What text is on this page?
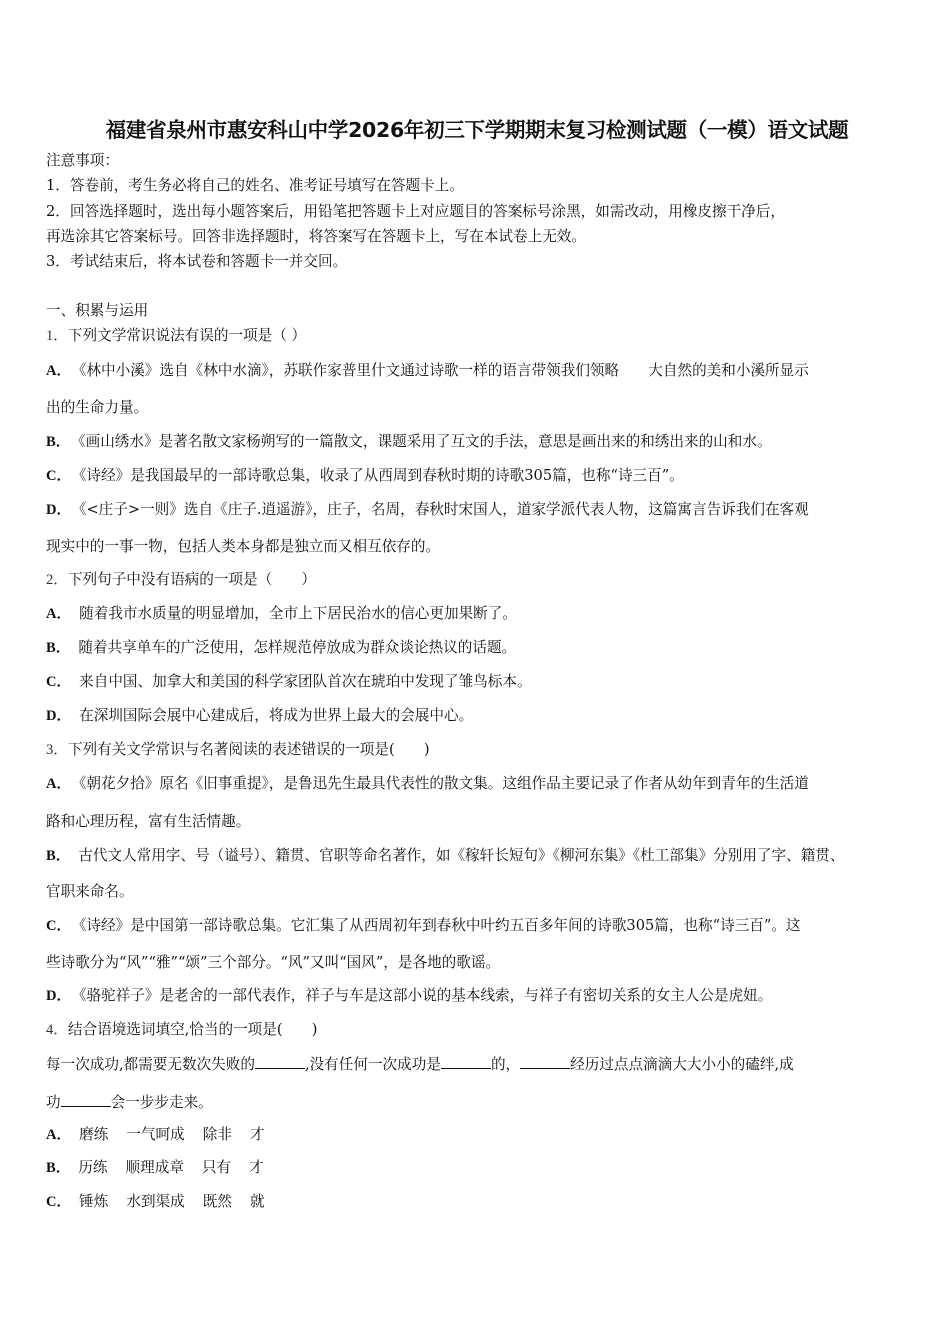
福建省泉州市惠安科山中学2026年初三下学期期末复习检测试题（一模）语文试题
注意事项：
1．答卷前，考生务必将自己的姓名、准考证号填写在答题卡上。
2．回答选择题时，选出每小题答案后，用铅笔把答题卡上对应题目的答案标号涂黑，如需改动，用橡皮擦干净后，
再选涂其它答案标号。回答非选择题时，将答案写在答题卡上，写在本试卷上无效。
3．考试结束后，将本试卷和答题卡一并交回。
一、积累与运用
1．下列文学常识说法有误的一项是（ ）
A． 《林中小溪》选自《林中水滴》，苏联作家普里什文通过诗歌一样的语言带领我们领略　　大自然的美和小溪所显示
出的生命力量。
B． 《画山绣水》是著名散文家杨朔写的一篇散文，课题采用了互文的手法，意思是画出来的和绣出来的山和水。
C． 《诗经》是我国最早的一部诗歌总集，收录了从西周到春秋时期的诗歌305篇，也称“诗三百”。
D． 《<庄子>一则》选自《庄子.逍遥游》，庄子，名周，春秋时宋国人，道家学派代表人物，这篇寓言告诉我们在客观
现实中的一事一物，包括人类本身都是独立而又相互依存的。
2．下列句子中没有语病的一项是（　　）
A． 随着我市水质量的明显增加，全市上下居民治水的信心更加果断了。
B． 随着共享单车的广泛使用，怎样规范停放成为群众谈论热议的话题。
C． 来自中国、加拿大和美国的科学家团队首次在琥珀中发现了雏鸟标本。
D． 在深圳国际会展中心建成后，将成为世界上最大的会展中心。
3．下列有关文学常识与名著阅读的表述错误的一项是(　　)
A． 《朝花夕拾》原名《旧事重提》，是鲁迅先生最具代表性的散文集。这组作品主要记录了作者从幼年到青年的生活道
路和心理历程，富有生活情趣。
B． 古代文人常用字、号（谥号）、籍贯、官职等命名著作，如《稼轩长短句》《柳河东集》《杜工部集》分别用了字、籍贯、
官职来命名。
C． 《诗经》是中国第一部诗歌总集。它汇集了从西周初年到春秋中叶约五百多年间的诗歌305篇，也称“诗三百”。这
些诗歌分为“风”“雅”“颂”三个部分。“风”又叫“国风”，是各地的歌谣。
D． 《骆驼祥子》是老舍的一部代表作，祥子与车是这部小说的基本线索，与祥子有密切关系的女主人公是虎妞。
4．结合语境选词填空,恰当的一项是(　　)
每一次成功,都需要无数次失败的	,没有任何一次成功是	的，	经历过点点滴滴大大小小的磕绊,成
功	会一步步走来。
A． 磨练 一气呵成 除非 才
B． 历练 顺理成章 只有 才
C． 锤炼 水到渠成 既然 就
